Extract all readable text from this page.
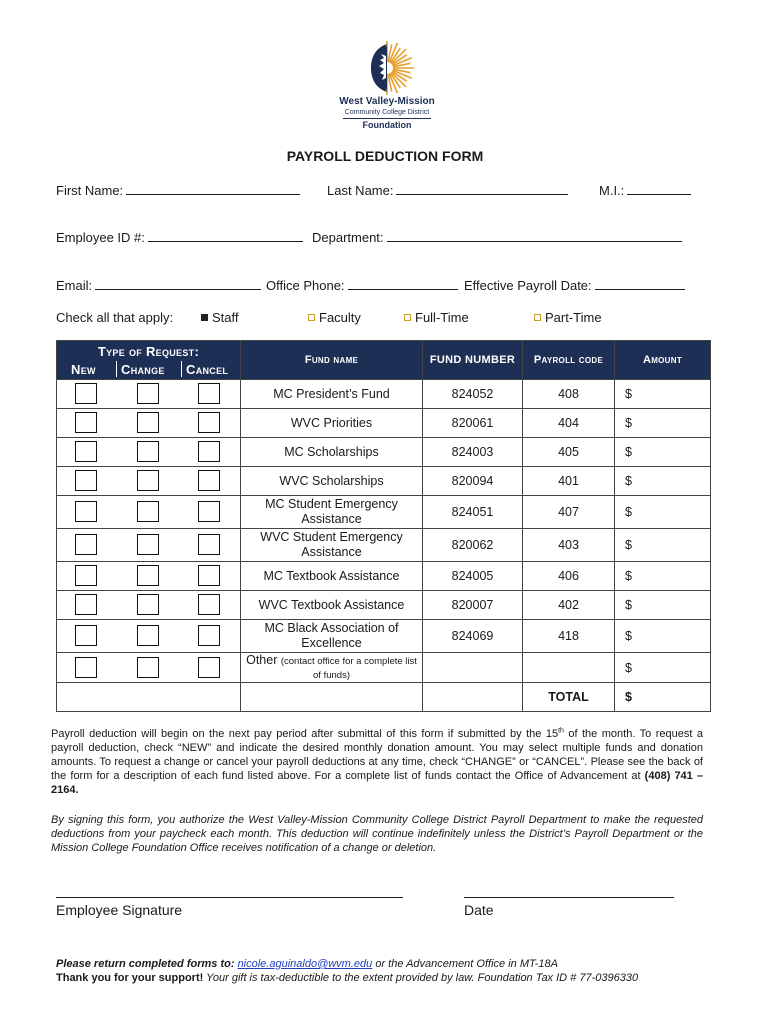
West Valley-Mission
Community College District
Foundation
PAYROLL DEDUCTION FORM
First Name:	Last Name:	M.I.:
Employee ID #:	Department:
Email:	Office Phone:	Effective Payroll Date:
Check all that apply:	Staff	Faculty	Full-Time	Part-Time
Type of Request:
New Change Cancel	Fund name	FUND NUMBER	Payroll code	Amount

	MC President’s Fund	824052	408	$

	WVC Priorities	820061	404	$

	MC Scholarships	824003	405	$

	WVC Scholarships	820094	401	$

	MC Student Emergency Assistance	824051	407	$

	WVC Student Emergency Assistance	820062	403	$

	MC Textbook Assistance	824005	406	$

	WVC Textbook Assistance	820007	402	$

	MC Black Association of Excellence	824069	418	$

	Other (contact office for a complete list of funds)			$
			TOTAL	$
Payroll deduction will begin on the next pay period after submittal of this form if submitted by the 15th of the month. To request a payroll deduction, check “NEW” and indicate the desired monthly donation amount. You may select multiple funds and donation amounts. To request a change or cancel your payroll deductions at any time, check “CHANGE” or “CANCEL”. Please see the back of the form for a description of each fund listed above. For a complete list of funds contact the Office of Advancement at (408) 741 – 2164.
By signing this form, you authorize the West Valley-Mission Community College District Payroll Department to make the requested deductions from your paycheck each month. This deduction will continue indefinitely unless the District’s Payroll Department or the Mission College Foundation Office receives notification of a change or deletion.
Employee Signature	Date
Please return completed forms to: nicole.aguinaldo@wvm.edu or the Advancement Office in MT-18A
Thank you for your support! Your gift is tax-deductible to the extent provided by law. Foundation Tax ID # 77-0396330
